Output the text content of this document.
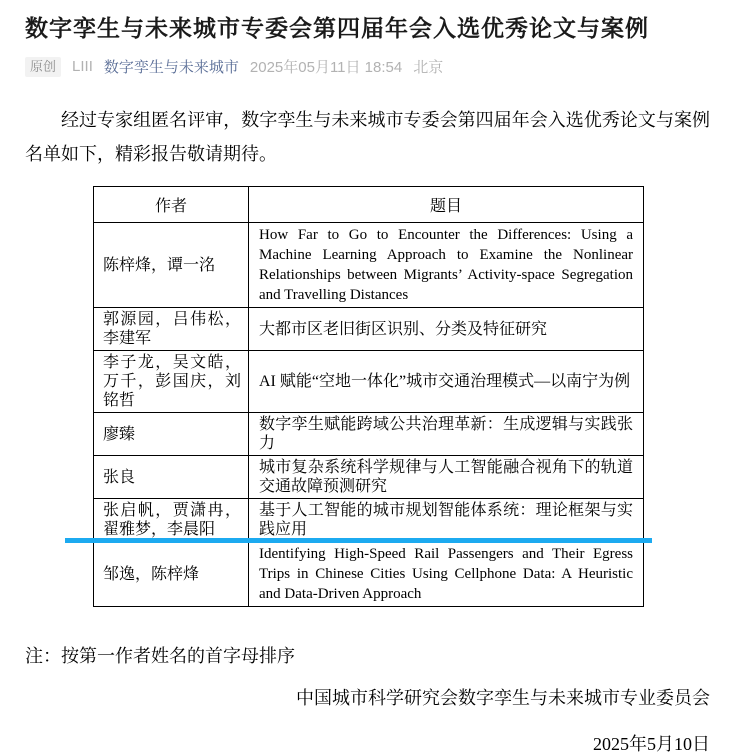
数字孪生与未来城市专委会第四届年会入选优秀论文与案例
原创	LIII 数字孪生与未来城市 2025年05月11日 18:54 北京

经过专家组匿名评审，数字孪生与未来城市专委会第四届年会入选优秀论文与案例名单如下，精彩报告敬请期待。

作者	题目
陈梓烽，谭一洺	How Far to Go to Encounter the Differences: Using a Machine Learning Approach to Examine the Nonlinear Relationships between Migrants’ Activity-space Segregation and Travelling Distances
郭源园，吕伟松，李建军	大都市区老旧街区识别、分类及特征研究
李子龙，吴文皓，万千，彭国庆，刘铭哲	AI 赋能“空地一体化”城市交通治理模式—以南宁为例
廖臻	数字孪生赋能跨域公共治理革新：生成逻辑与实践张力
张良	城市复杂系统科学规律与人工智能融合视角下的轨道交通故障预测研究
张启帆，贾潇冉，翟雅梦，李晨阳	基于人工智能的城市规划智能体系统：理论框架与实践应用
邹逸，陈梓烽	Identifying High-Speed Rail Passengers and Their Egress Trips in Chinese Cities Using Cellphone Data: A Heuristic and Data-Driven Approach

注：按第一作者姓名的首字母排序

中国城市科学研究会数字孪生与未来城市专业委员会

2025年5月10日
